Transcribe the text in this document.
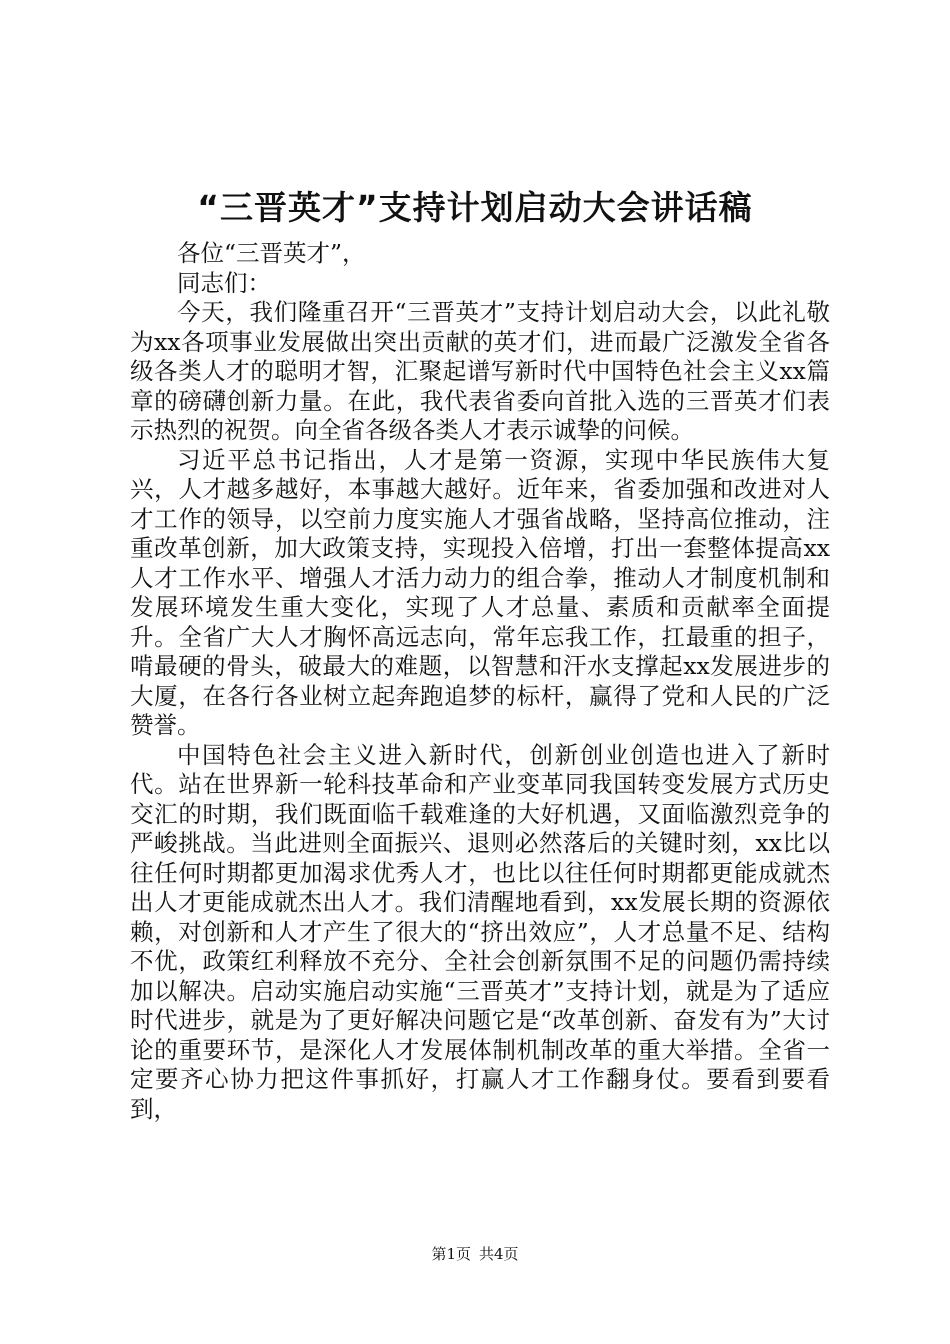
“三晋英才”支持计划启动大会讲话稿

各位“三晋英才”，

同志们：

今天，我们隆重召开“三晋英才”支持计划启动大会，以此礼敬为xx各项事业发展做出突出贡献的英才们，进而最广泛激发全省各级各类人才的聪明才智，汇聚起谱写新时代中国特色社会主义xx篇章的磅礴创新力量。在此，我代表省委向首批入选的三晋英才们表示热烈的祝贺。向全省各级各类人才表示诚挚的问候。

习近平总书记指出，人才是第一资源，实现中华民族伟大复兴，人才越多越好，本事越大越好。近年来，省委加强和改进对人才工作的领导，以空前力度实施人才强省战略，坚持高位推动，注重改革创新，加大政策支持，实现投入倍增，打出一套整体提高xx人才工作水平、增强人才活力动力的组合拳，推动人才制度机制和发展环境发生重大变化，实现了人才总量、素质和贡献率全面提升。全省广大人才胸怀高远志向，常年忘我工作，扛最重的担子，啃最硬的骨头，破最大的难题，以智慧和汗水支撑起xx发展进步的大厦，在各行各业树立起奔跑追梦的标杆，赢得了党和人民的广泛赞誉。

中国特色社会主义进入新时代，创新创业创造也进入了新时代。站在世界新一轮科技革命和产业变革同我国转变发展方式历史交汇的时期，我们既面临千载难逢的大好机遇，又面临激烈竞争的严峻挑战。当此进则全面振兴、退则必然落后的关键时刻，xx比以往任何时期都更加渴求优秀人才，也比以往任何时期都更能成就杰出人才更能成就杰出人才。我们清醒地看到，xx发展长期的资源依赖，对创新和人才产生了很大的“挤出效应”，人才总量不足、结构不优，政策红利释放不充分、全社会创新氛围不足的问题仍需持续加以解决。启动实施启动实施“三晋英才”支持计划，就是为了适应时代进步，就是为了更好解决问题它是“改革创新、奋发有为”大讨论的重要环节，是深化人才发展体制机制改革的重大举措。全省一定要齐心协力把这件事抓好，打赢人才工作翻身仗。要看到要看到，

第1页 共4页
